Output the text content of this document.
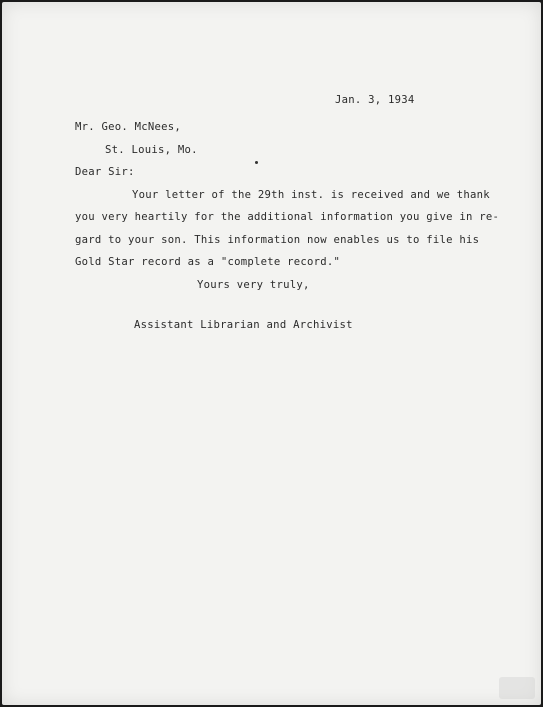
Jan. 3, 1934
Mr. Geo. McNees,
St. Louis, Mo.
Dear Sir:
Your letter of the 29th inst. is received and we thank
you very heartily for the additional information you give in re-
gard to your son. This information now enables us to file his
Gold Star record as a "complete record."
Yours very truly,
Assistant Librarian and Archivist
